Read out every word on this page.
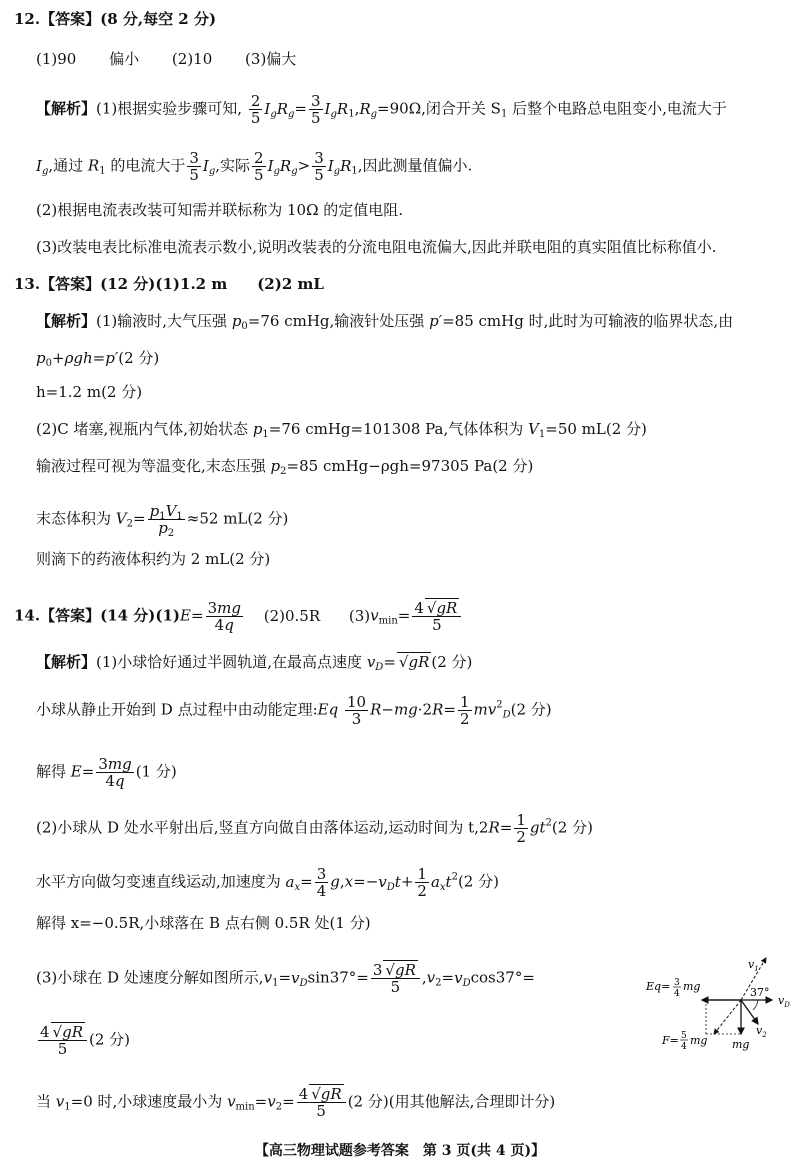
12.【答案】(8 分,每空 2 分)
(1)90 偏小 (2)10 (3)偏大
【解析】(1)根据实验步骤可知, $\frac{2}{5} I_gR_g= \frac{3}{5} I_gR_1,R_g=90\Omega$,闭合开关 $S_1$ 后整个电路总电阻变小,电流大于
$I_g$,通过 $R_1$ 的电流大于 $\frac{3}{5} I_g$,实际 $\frac{2}{5} I_gR_g> \frac{3}{5} I_gR_1$,因此测量值偏小.
(2)根据电流表改装可知需并联标称为 10Ω 的定值电阻.
(3)改装电表比标准电流表示数小,说明改装表的分流电阻电流偏大,因此并联电阻的真实阻值比标称值小.
13.【答案】(12 分)(1)1.2 m　　(2)2 mL
【解析】(1)输液时,大气压强 $p_0=76$ cmHg,输液针处压强 p′=85 cmHg 时,此时为可输液的临界状态,由
$p_0+\rho gh=p'(2$ 分)
h=1.2 m(2 分)
(2)C 堵塞,视瓶内气体,初始状态 $p_1=76$ cmHg=101308 Pa,气体体积为 $V_1=50$ mL(2 分)
输液过程可视为等温变化,末态压强 $p_2=85$ cmHg−ρgh=97305 Pa(2 分)
末态体积为 $V_2= \frac{p_1V_1}{p_2} \approx 52$ mL(2 分)
则滴下的药液体积约为 2 mL(2 分)
14.【答案】(14 分)$(1)E= \frac{3mg}{4q} (2)0.5R$ $(3)v_{min}= \frac{4 √gR}{5}$
【解析】(1)小球恰好通过半圆轨道,在最高点速度 $v_D= √gR$ (2 分)
小球从静止开始到 D 点过程中由动能定理:Eq $\frac{10}{3} R-mg\cdot 2R= \frac{1}{2} mv^2_D(2$ 分)
解得 $E= \frac{3mg}{4q} (1$ 分)
(2)小球从 D 处水平射出后,竖直方向做自由落体运动,运动时间为 $t,2R= \frac{1}{2} gt^2(2$ 分)
水平方向做匀变速直线运动,加速度为 $a_x= \frac{3}{4} g,x=-v_Dt+ \frac{1}{2} a_xt^2(2$ 分)
解得 x=−0.5R,小球落在 B 点右侧 0.5R 处(1 分)
(3)小球在 D 处速度分解如图所示$,v_1=v_D\sin 37^\circ= \frac{3 √gR}{5} ,v_2=v_D\cos 37^\circ=$
$\frac{4 √gR}{5} (2$ 分)
当 $v_1=0$ 时,小球速度最小为 $v_{min}=v_2= \frac{4 √gR}{5} (2$ 分)(用其他解法,合理即计分)
37°
$v_D$
$v_1$
$v_2$
mg
Eq= 3
4
mg
F= 5
4 mg
【高三物理试题参考答案　第 3 页(共 4 页)】
